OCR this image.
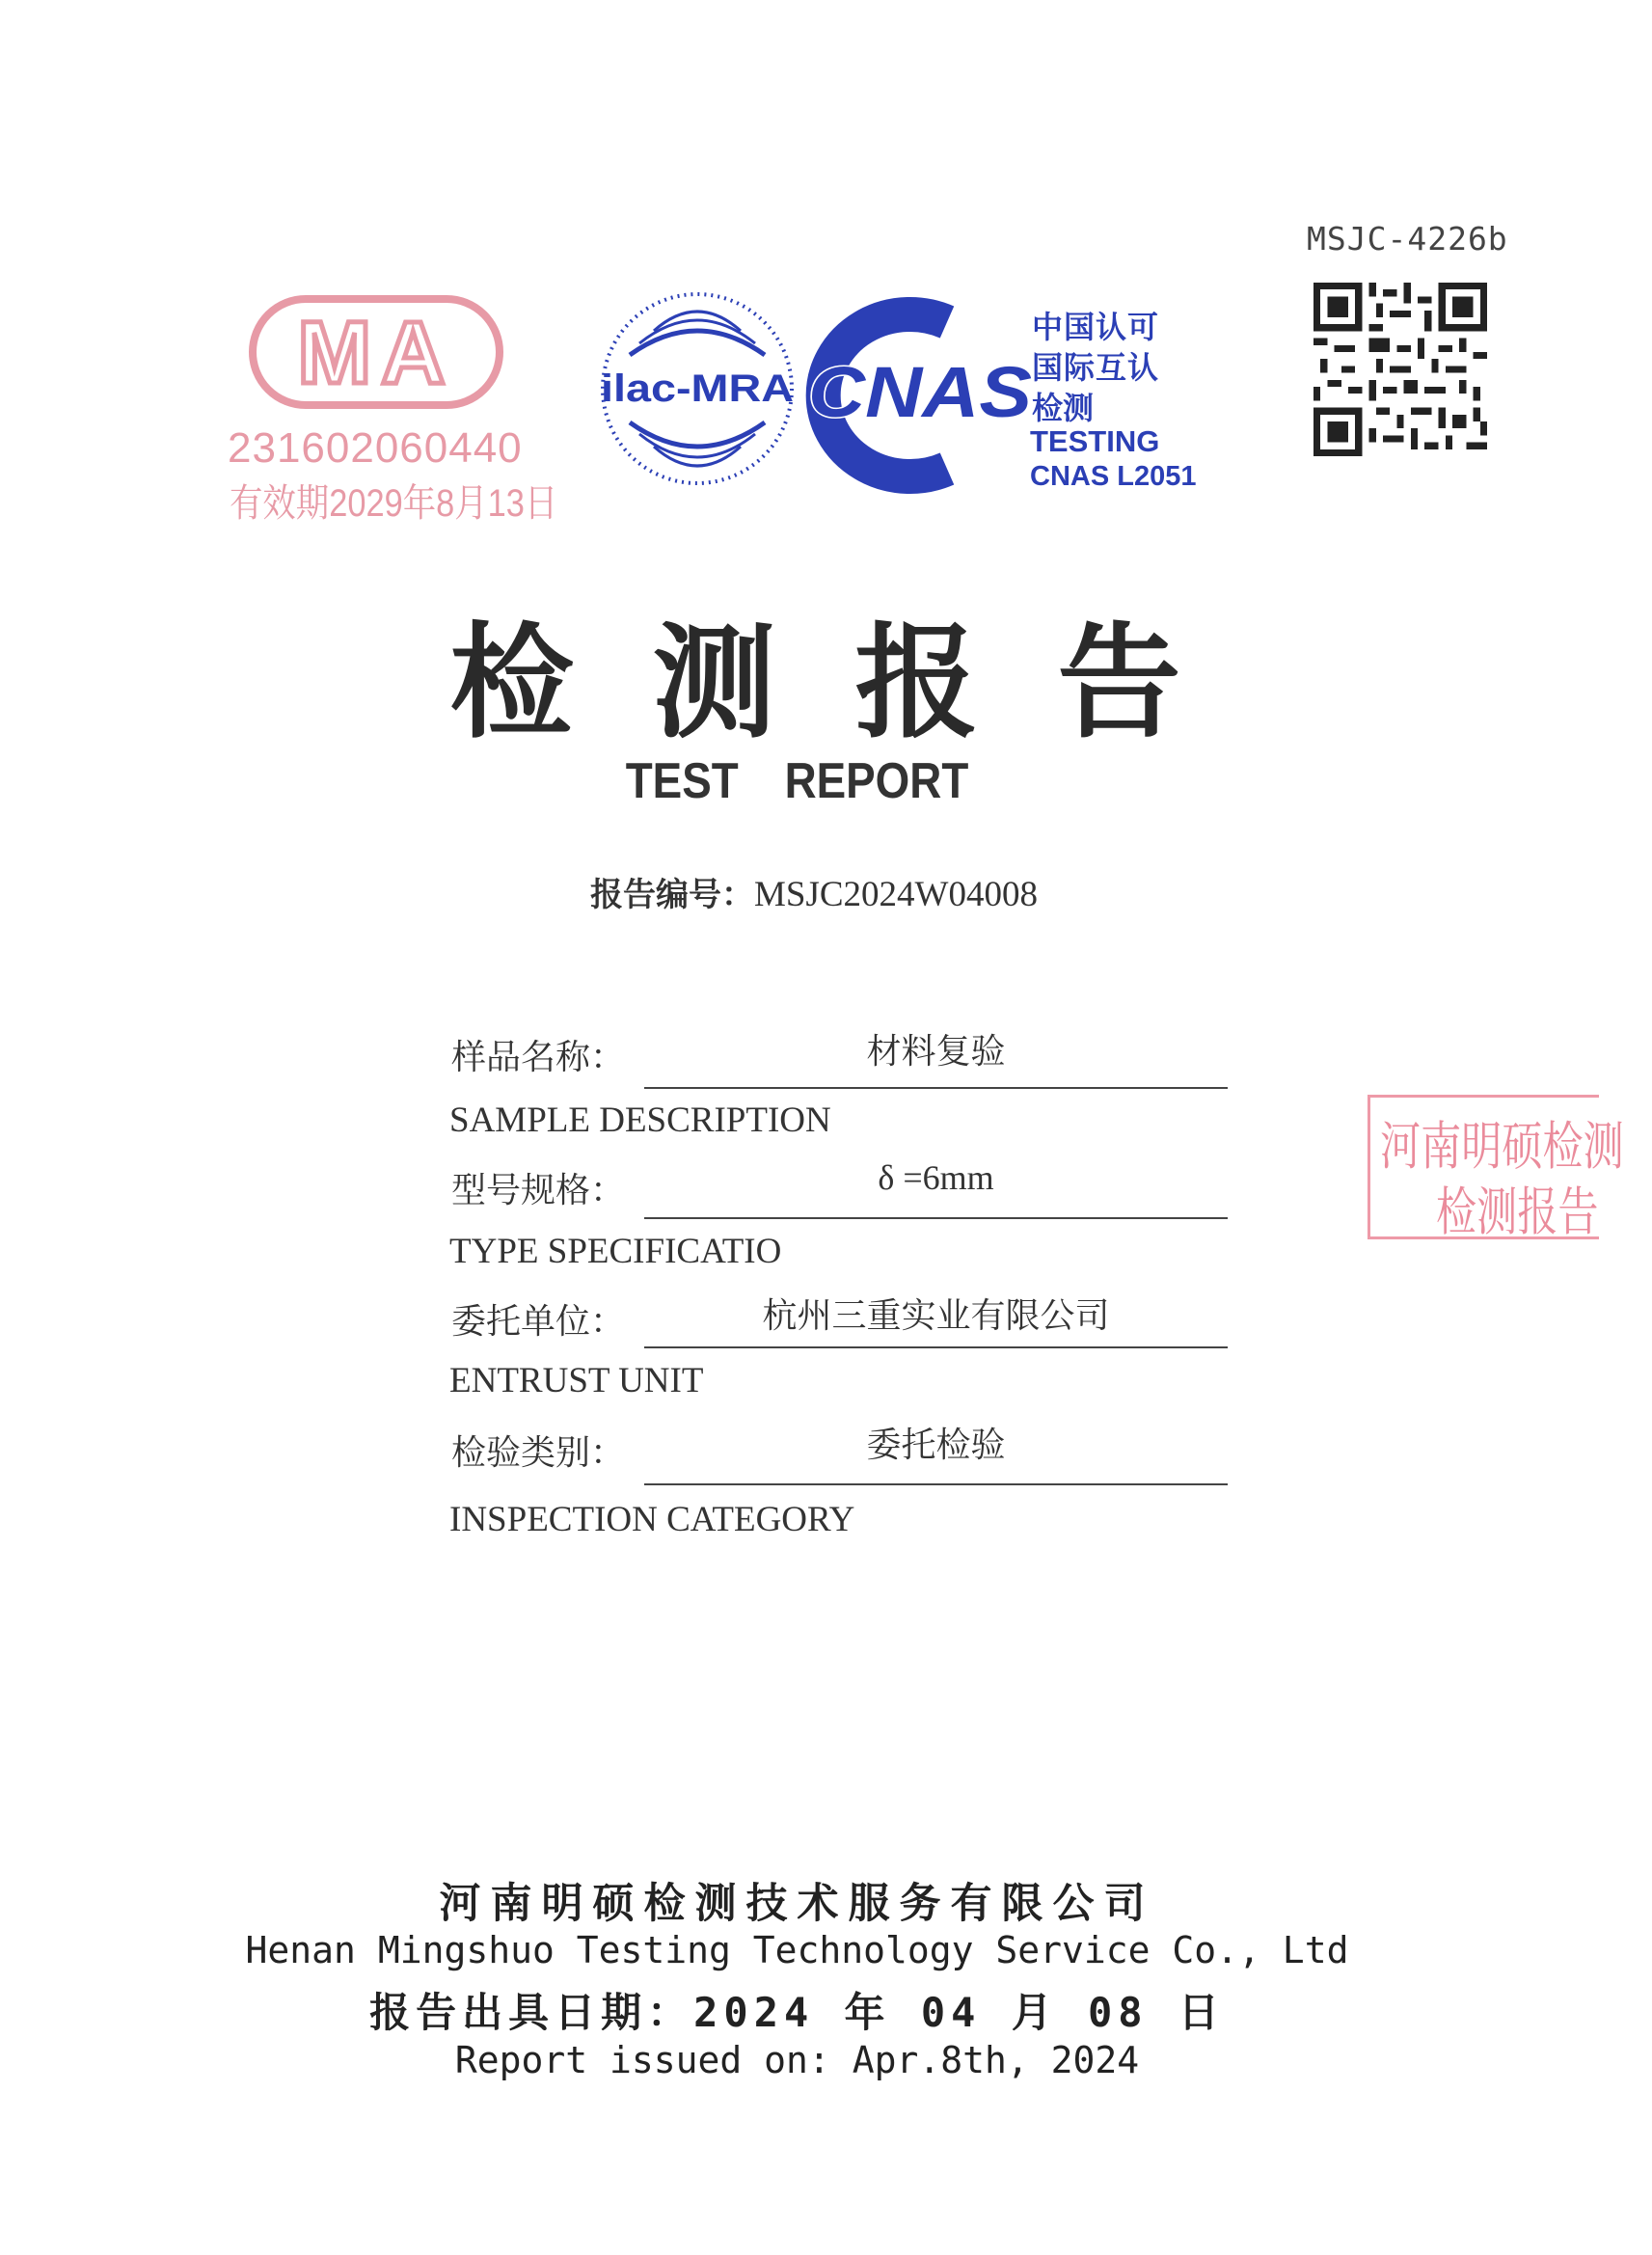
MSJC-4226b
MA
231602060440
有效期2029年8月13日
ilac-MRA CNAS
中国认可
国际互认
检测
TESTING
CNAS L2051
检测报告
TEST REPORT
报告编号：MSJC2024W04008
样品名称：	材料复验
SAMPLE DESCRIPTION
型号规格：	δ =6mm
TYPE SPECIFICATIO
委托单位：	杭州三重实业有限公司
ENTRUST UNIT
检验类别：	委托检验
INSPECTION CATEGORY
河南明硕检测
检测报告
河南明硕检测技术服务有限公司
Henan Mingshuo Testing Technology Service Co., Ltd
报告出具日期：2024 年 04 月 08 日
Report issued on: Apr.8th, 2024
